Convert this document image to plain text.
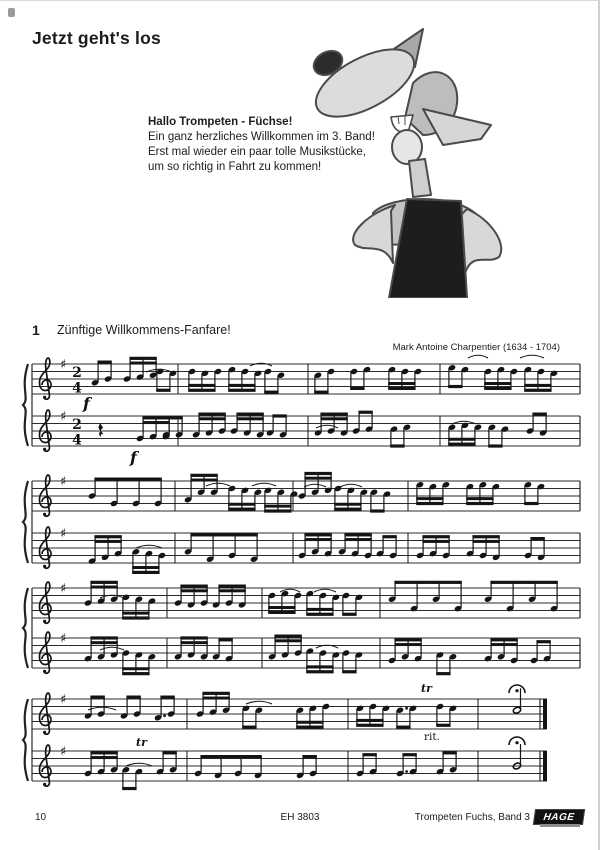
Jetzt geht's los
Hallo Trompeten - Füchse!
Ein ganz herzliches Willkommen im 3. Band!
Erst mal wieder ein paar tolle Musikstücke,
um so richtig in Fahrt zu kommen!
1 Zünftige Willkommens-Fanfare!
Mark Antoine Charpentier (1634 - 1704)
♯ 2
4
♯ 2
4
♯
♯
♯
♯
♯
♯
f
f
tr
tr
rit.
10	EH 3803	Trompeten Fuchs, Band 3 HAGE
